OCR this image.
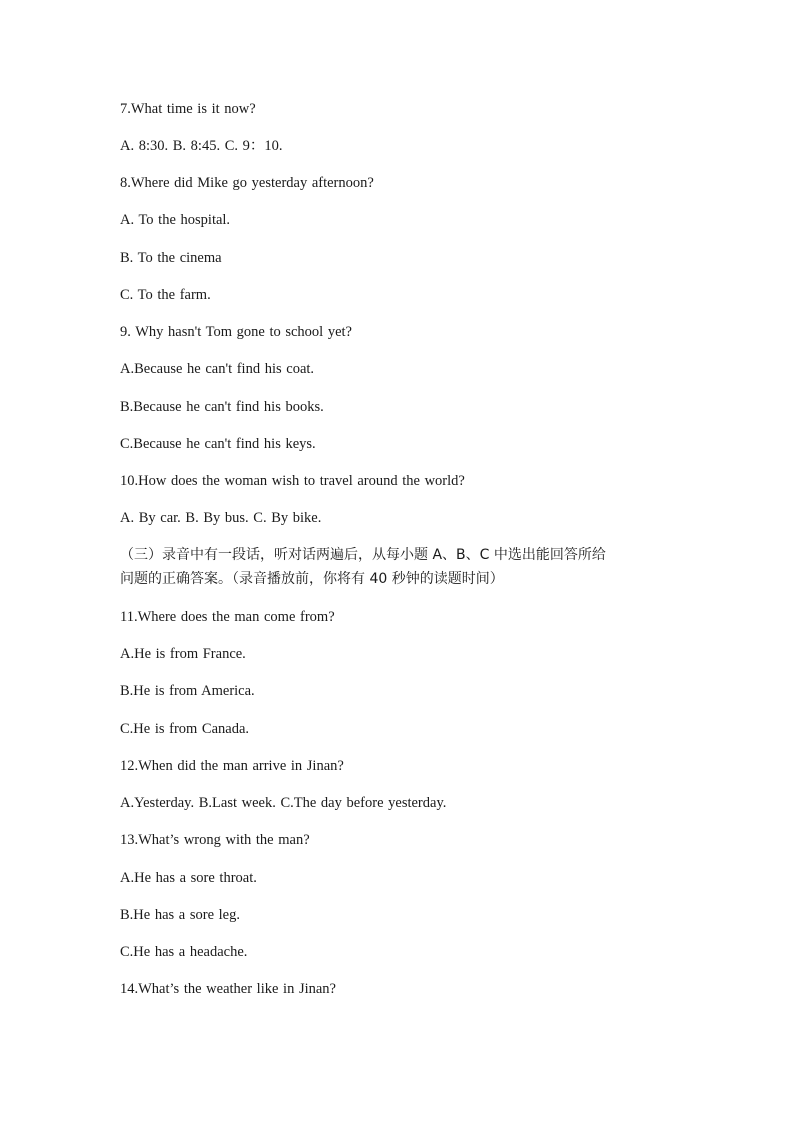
7.What time is it now?
A. 8:30. B. 8:45. C. 9：10.
8.Where did Mike go yesterday afternoon?
A. To the hospital.
B. To the cinema
C. To the farm.
9. Why hasn't Tom gone to school yet?
A.Because he can't find his coat.
B.Because he can't find his books.
C.Because he can't find his keys.
10.How does the woman wish to travel around the world?
A. By car. B. By bus. C. By bike.
（三）录音中有一段话，听对话两遍后，从每小题 A、B、C 中选出能回答所给
问题的正确答案。（录音播放前，你将有 40 秒钟的读题时间）
11.Where does the man come from?
A.He is from France.
B.He is from America.
C.He is from Canada.
12.When did the man arrive in Jinan?
A.Yesterday. B.Last week. C.The day before yesterday.
13.What’s wrong with the man?
A.He has a sore throat.
B.He has a sore leg.
C.He has a headache.
14.What’s the weather like in Jinan?
